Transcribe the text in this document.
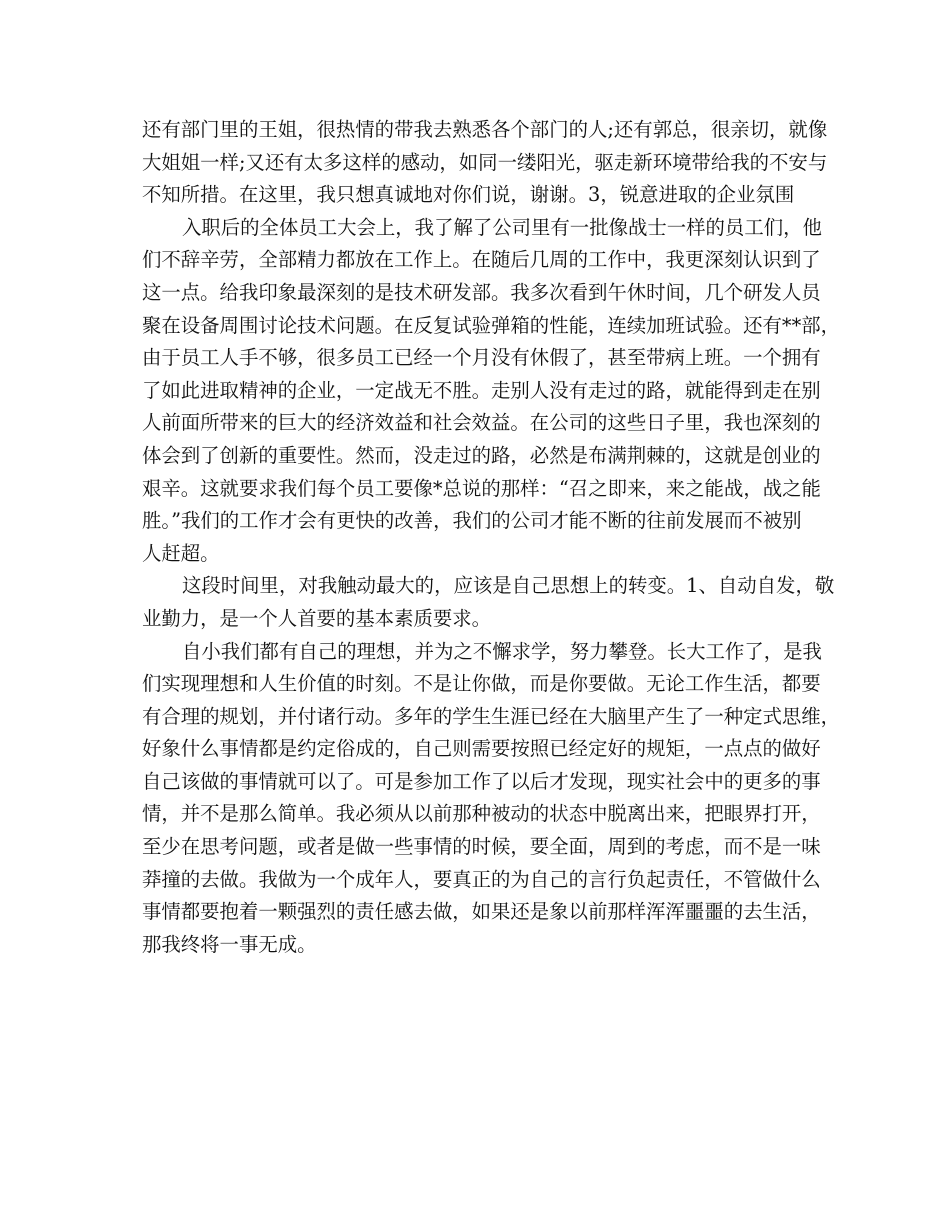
还有部门里的王姐，很热情的带我去熟悉各个部门的人;还有郭总，很亲切，就像
大姐姐一样;又还有太多这样的感动，如同一缕阳光，驱走新环境带给我的不安与
不知所措。在这里，我只想真诚地对你们说，谢谢。3，锐意进取的企业氛围

入职后的全体员工大会上，我了解了公司里有一批像战士一样的员工们，他
们不辞辛劳，全部精力都放在工作上。在随后几周的工作中，我更深刻认识到了
这一点。给我印象最深刻的是技术研发部。我多次看到午休时间，几个研发人员
聚在设备周围讨论技术问题。在反复试验弹箱的性能，连续加班试验。还有**部，
由于员工人手不够，很多员工已经一个月没有休假了，甚至带病上班。一个拥有
了如此进取精神的企业，一定战无不胜。走别人没有走过的路，就能得到走在别
人前面所带来的巨大的经济效益和社会效益。在公司的这些日子里，我也深刻的
体会到了创新的重要性。然而，没走过的路，必然是布满荆棘的，这就是创业的
艰辛。这就要求我们每个员工要像*总说的那样：“召之即来，来之能战，战之能
胜。”我们的工作才会有更快的改善，我们的公司才能不断的往前发展而不被别
人赶超。

这段时间里，对我触动最大的，应该是自己思想上的转变。1、自动自发，敬
业勤力，是一个人首要的基本素质要求。

自小我们都有自己的理想，并为之不懈求学，努力攀登。长大工作了，是我
们实现理想和人生价值的时刻。不是让你做，而是你要做。无论工作生活，都要
有合理的规划，并付诸行动。多年的学生生涯已经在大脑里产生了一种定式思维，
好象什么事情都是约定俗成的，自己则需要按照已经定好的规矩，一点点的做好
自己该做的事情就可以了。可是参加工作了以后才发现，现实社会中的更多的事
情，并不是那么简单。我必须从以前那种被动的状态中脱离出来，把眼界打开，
至少在思考问题，或者是做一些事情的时候，要全面，周到的考虑，而不是一味
莽撞的去做。我做为一个成年人，要真正的为自己的言行负起责任，不管做什么
事情都要抱着一颗强烈的责任感去做，如果还是象以前那样浑浑噩噩的去生活，
那我终将一事无成。
